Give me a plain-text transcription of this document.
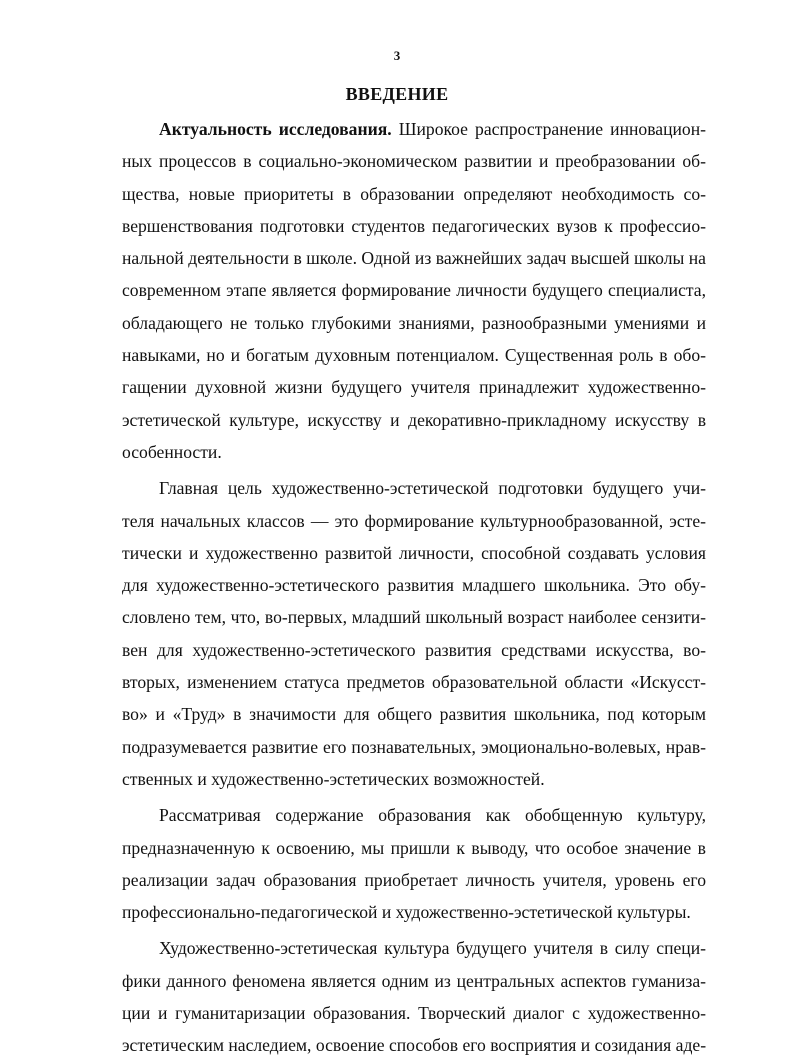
3
ВВЕДЕНИЕ
Актуальность исследования. Широкое распространение инновацион-
ных процессов в социально-экономическом развитии и преобразовании об-
щества, новые приоритеты в образовании определяют необходимость со-
вершенствования подготовки студентов педагогических вузов к профессио-
нальной деятельности в школе. Одной из важнейших задач высшей школы на
современном этапе является формирование личности будущего специалиста,
обладающего не только глубокими знаниями, разнообразными умениями и
навыками, но и богатым духовным потенциалом. Существенная роль в обо-
гащении духовной жизни будущего учителя принадлежит художественно-
эстетической культуре, искусству и декоративно-прикладному искусству в
особенности.
Главная цель художественно-эстетической подготовки будущего учи-
теля начальных классов — это формирование культурнообразованной, эсте-
тически и художественно развитой личности, способной создавать условия
для художественно-эстетического развития младшего школьника. Это обу-
словлено тем, что, во-первых, младший школьный возраст наиболее сензити-
вен для художественно-эстетического развития средствами искусства, во-
вторых, изменением статуса предметов образовательной области «Искусст-
во» и «Труд» в значимости для общего развития школьника, под которым
подразумевается развитие его познавательных, эмоционально-волевых, нрав-
ственных и художественно-эстетических возможностей.
Рассматривая содержание образования как обобщенную культуру,
предназначенную к освоению, мы пришли к выводу, что особое значение в
реализации задач образования приобретает личность учителя, уровень его
профессионально-педагогической и художественно-эстетической культуры.
Художественно-эстетическая культура будущего учителя в силу специ-
фики данного феномена является одним из центральных аспектов гуманиза-
ции и гуманитаризации образования. Творческий диалог с художественно-
эстетическим наследием, освоение способов его восприятия и созидания аде-
